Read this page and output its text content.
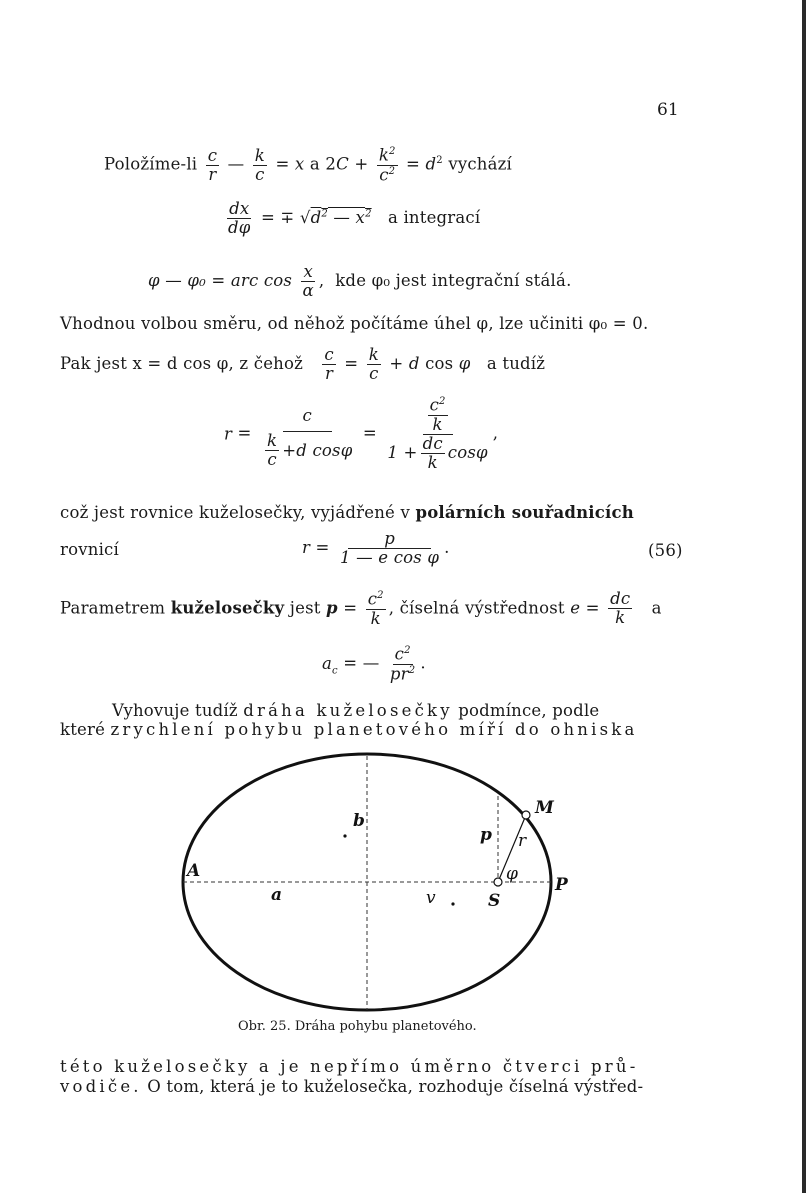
61
Položíme-li $\frac{c}{r}$ — $\frac{k}{c} = x$ a $2C + \frac{k^2}{c^2} = d^2$ vychází
$\frac{dx}{d\varphi}$ = ∓ $√d^2$ — $x^2$ a integrací
φ — φ₀ = arc $\cos \frac{x}{\alpha}$ ,  kde φ₀ jest integrační stálá.
Vhodnou volbou směru, od něhož počítáme úhel φ, lze učiniti φ₀ = 0.
Pak jest x = d cos φ, z čehož $\frac{c}{r} = \frac{k}{c} + d$ cos φ a tudíž
$r = \frac{c}{\frac{k}{c} + d \cos \varphi} = \frac{\frac{c^2}{k}}{1 + \frac{dc}{k} \cos \varphi}$ ,
což jest rovnice kuželosečky, vyjádřené v polárních souřadnicích
rovnicí	$r = \frac{p}{\text{1 — e cos φ}}$ .	(56)
Parametrem kuželosečky jest $p = \frac{c^2}{k}$ , číselná výstřednost $e = \frac{dc}{k}$ a
$a_c$ = — $\frac{c^2}{pr^2}$ .
Vyhovuje tudíž dráha kuželosečky podmínce, podle
které zrychlení pohybu planetového míří do ohniska
A
a
b
v	S
P
M
p r
φ
Obr. 25. Dráha pohybu planetového.
této kuželosečky a je nepřímo úměrno čtverci prů-
vodiče. O tom, která je to kuželosečka, rozhoduje číselná výstřed-
